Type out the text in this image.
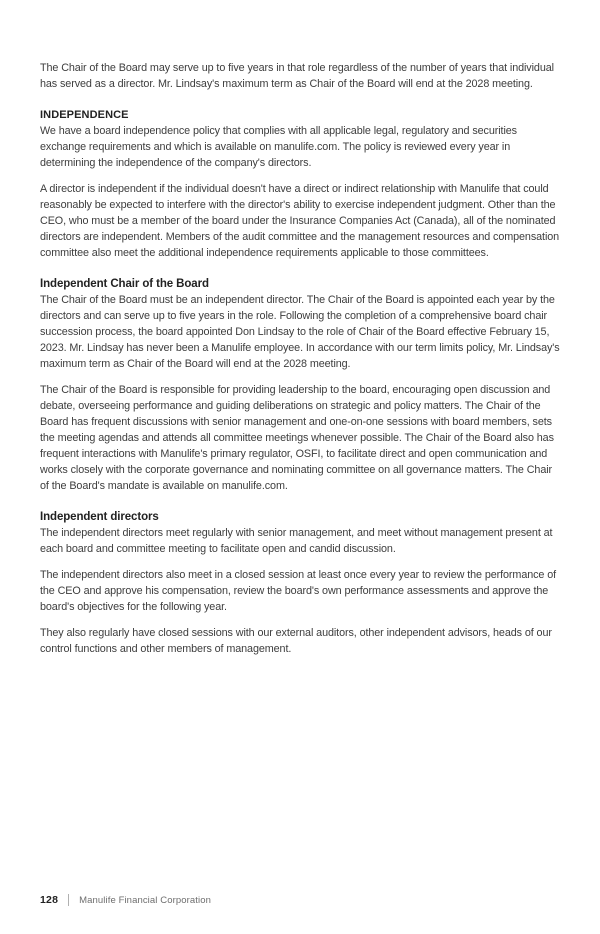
The Chair of the Board may serve up to five years in that role regardless of the number of years that individual has served as a director. Mr. Lindsay's maximum term as Chair of the Board will end at the 2028 meeting.

INDEPENDENCE

We have a board independence policy that complies with all applicable legal, regulatory and securities exchange requirements and which is available on manulife.com. The policy is reviewed every year in determining the independence of the company's directors.

A director is independent if the individual doesn't have a direct or indirect relationship with Manulife that could reasonably be expected to interfere with the director's ability to exercise independent judgment. Other than the CEO, who must be a member of the board under the Insurance Companies Act (Canada), all of the nominated directors are independent. Members of the audit committee and the management resources and compensation committee also meet the additional independence requirements applicable to those committees.

Independent Chair of the Board

The Chair of the Board must be an independent director. The Chair of the Board is appointed each year by the directors and can serve up to five years in the role. Following the completion of a comprehensive board chair succession process, the board appointed Don Lindsay to the role of Chair of the Board effective February 15, 2023. Mr. Lindsay has never been a Manulife employee. In accordance with our term limits policy, Mr. Lindsay's maximum term as Chair of the Board will end at the 2028 meeting.

The Chair of the Board is responsible for providing leadership to the board, encouraging open discussion and debate, overseeing performance and guiding deliberations on strategic and policy matters. The Chair of the Board has frequent discussions with senior management and one-on-one sessions with board members, sets the meeting agendas and attends all committee meetings whenever possible. The Chair of the Board also has frequent interactions with Manulife's primary regulator, OSFI, to facilitate direct and open communication and works closely with the corporate governance and nominating committee on all governance matters. The Chair of the Board's mandate is available on manulife.com.

Independent directors

The independent directors meet regularly with senior management, and meet without management present at each board and committee meeting to facilitate open and candid discussion.

The independent directors also meet in a closed session at least once every year to review the performance of the CEO and approve his compensation, review the board's own performance assessments and approve the board's objectives for the following year.

They also regularly have closed sessions with our external auditors, other independent advisors, heads of our control functions and other members of management.

128 Manulife Financial Corporation
